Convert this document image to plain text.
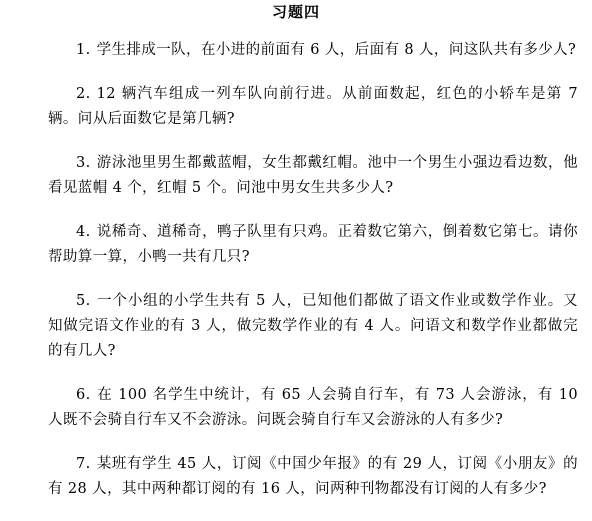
习题四

1. 学生排成一队，在小进的前面有 6 人，后面有 8 人，问这队共有多少人?

2. 12 辆汽车组成一列车队向前行进。从前面数起，红色的小轿车是第 7 辆。问从后面数它是第几辆?

3. 游泳池里男生都戴蓝帽，女生都戴红帽。池中一个男生小强边看边数，他看见蓝帽 4 个，红帽 5 个。问池中男女生共多少人?

4. 说稀奇、道稀奇，鸭子队里有只鸡。正着数它第六，倒着数它第七。请你帮助算一算，小鸭一共有几只?

5. 一个小组的小学生共有 5 人，已知他们都做了语文作业或数学作业。又知做完语文作业的有 3 人，做完数学作业的有 4 人。问语文和数学作业都做完的有几人?

6. 在 100 名学生中统计，有 65 人会骑自行车，有 73 人会游泳，有 10 人既不会骑自行车又不会游泳。问既会骑自行车又会游泳的人有多少?

7. 某班有学生 45 人，订阅《中国少年报》的有 29 人，订阅《小朋友》的有 28 人，其中两种都订阅的有 16 人，问两种刊物都没有订阅的人有多少?
